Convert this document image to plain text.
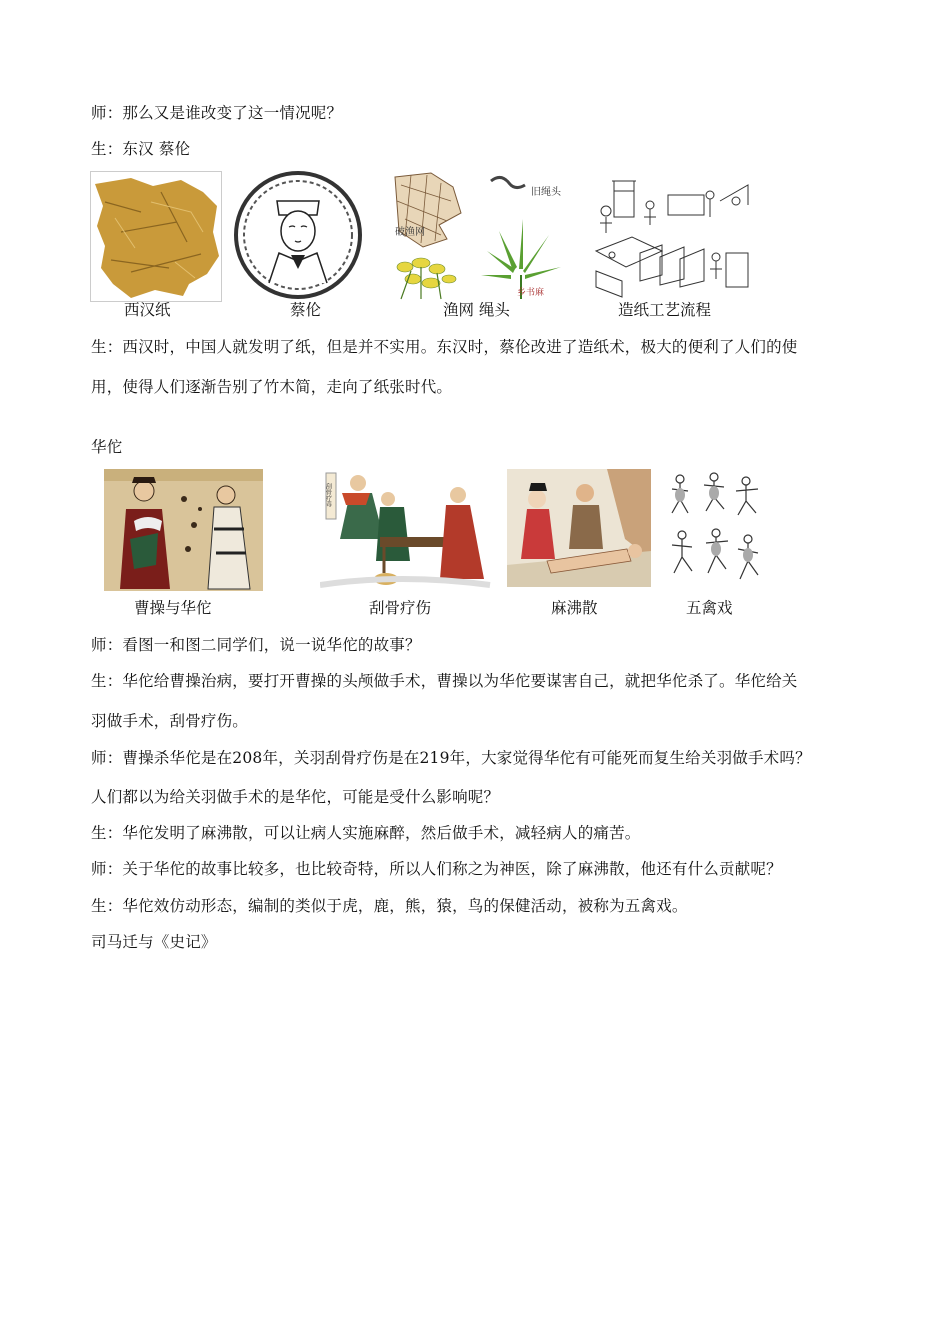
师：那么又是谁改变了这一情况呢？
生：东汉 蔡伦
破渔网
旧绳头
乡书麻
西汉纸	蔡伦	渔网 绳头	造纸工艺流程
生：西汉时，中国人就发明了纸，但是并不实用。东汉时，蔡伦改进了造纸术，极大的便利了人们的使
用，使得人们逐渐告别了竹木简，走向了纸张时代。
华佗
刮骨疗毒
曹操与华佗	刮骨疗伤	麻沸散	五禽戏
师：看图一和图二同学们，说一说华佗的故事？
生：华佗给曹操治病，要打开曹操的头颅做手术，曹操以为华佗要谋害自己，就把华佗杀了。华佗给关
羽做手术，刮骨疗伤。
师：曹操杀华佗是在208年，关羽刮骨疗伤是在219年，大家觉得华佗有可能死而复生给关羽做手术吗？
人们都以为给关羽做手术的是华佗，可能是受什么影响呢？
生：华佗发明了麻沸散，可以让病人实施麻醉，然后做手术，减轻病人的痛苦。
师：关于华佗的故事比较多，也比较奇特，所以人们称之为神医，除了麻沸散，他还有什么贡献呢？
生：华佗效仿动形态，编制的类似于虎，鹿，熊，猿，鸟的保健活动，被称为五禽戏。
司马迁与《史记》
